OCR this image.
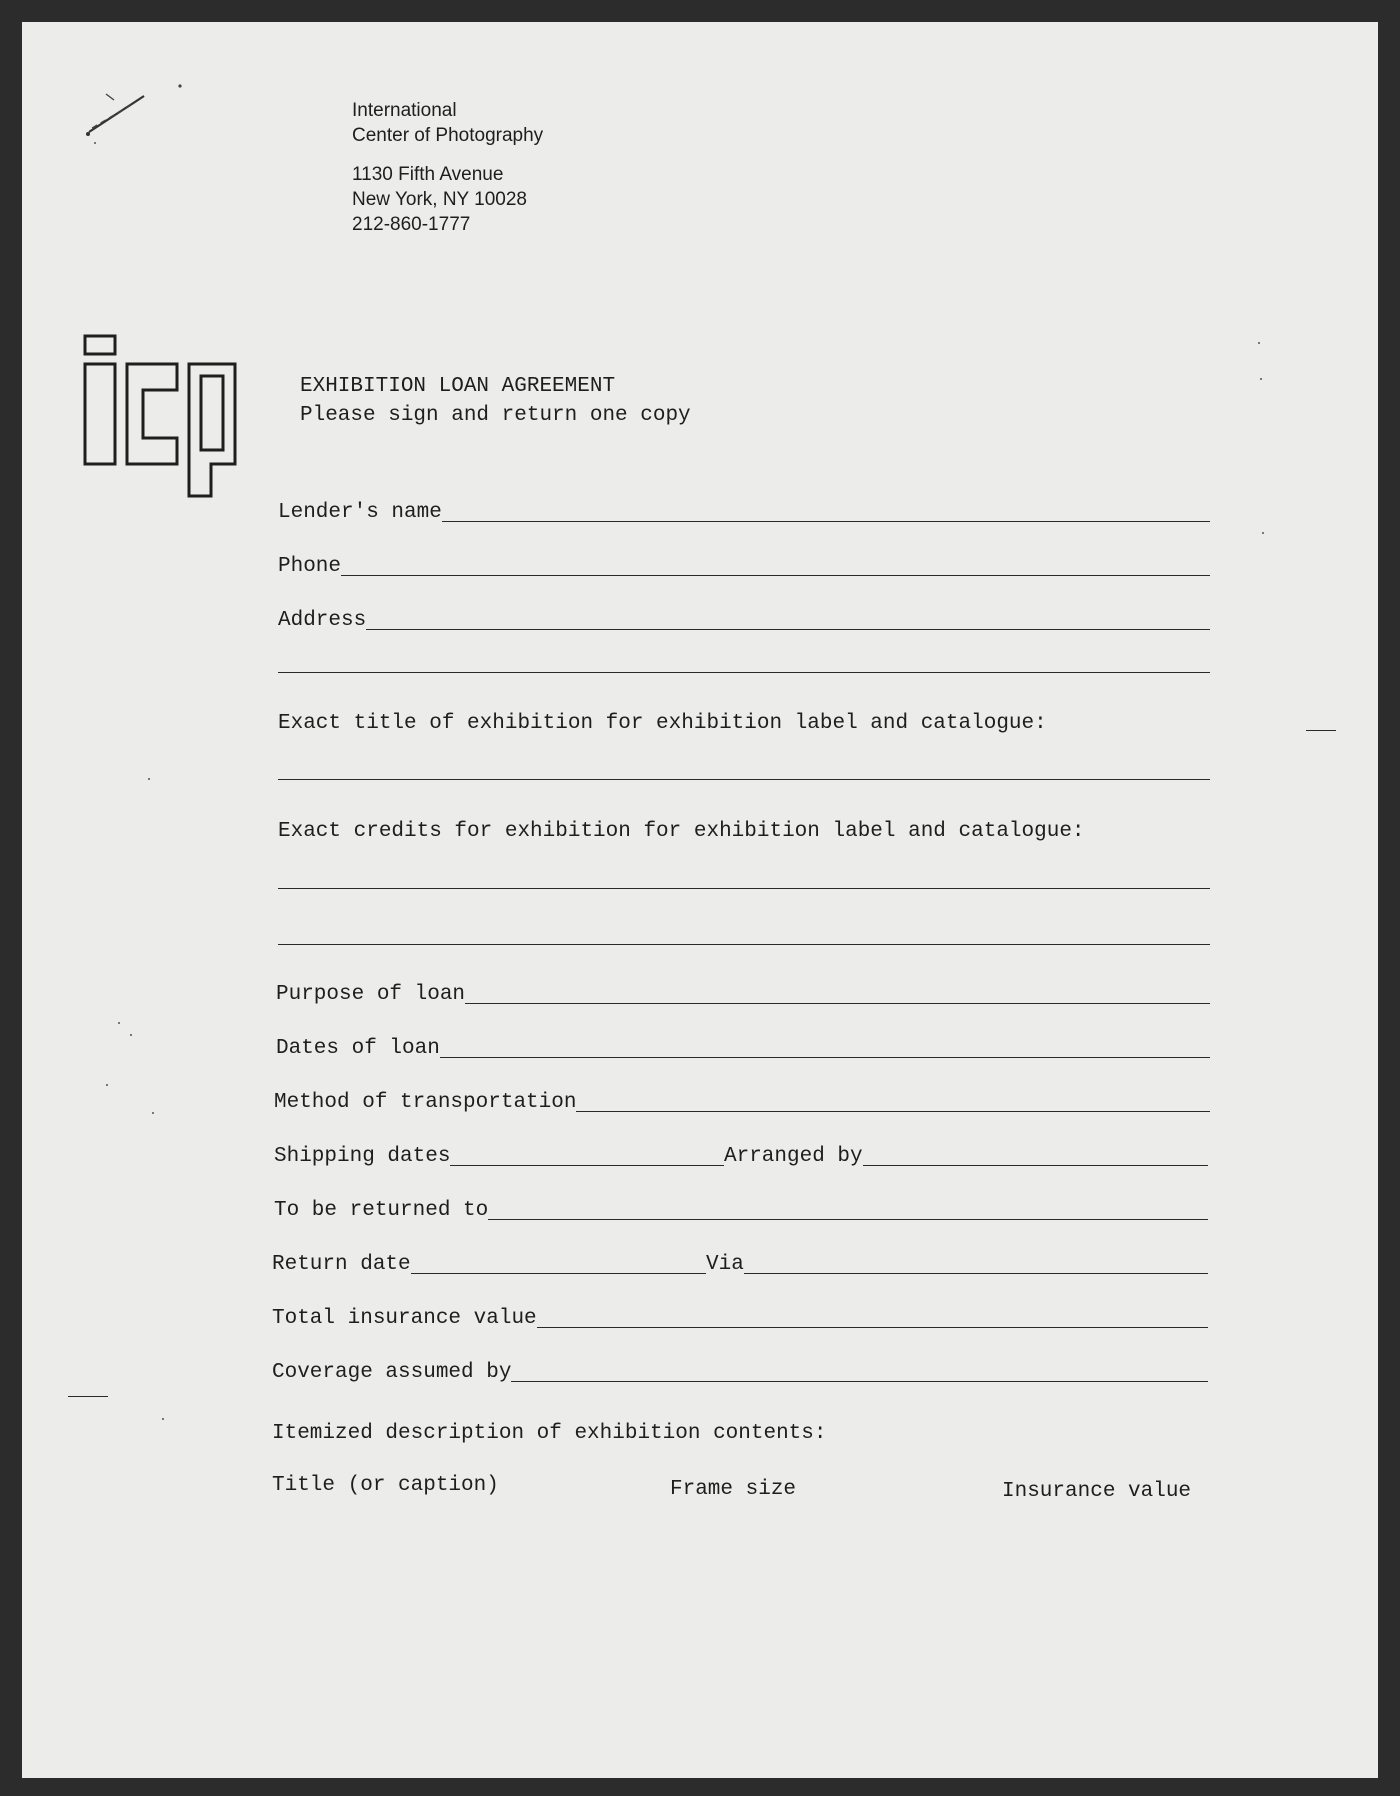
International
Center of Photography
1130 Fifth Avenue
New York, NY 10028
212-860-1777
EXHIBITION LOAN AGREEMENT
Please sign and return one copy
Lender's name
Phone
Address
Exact title of exhibition for exhibition label and catalogue:
Exact credits for exhibition for exhibition label and catalogue:
Purpose of loan
Dates of loan
Method of transportation
Shipping dates	Arranged by
To be returned to
Return date	Via
Total insurance value
Coverage assumed by
Itemized description of exhibition contents:
Title (or caption)	Frame size	Insurance value
